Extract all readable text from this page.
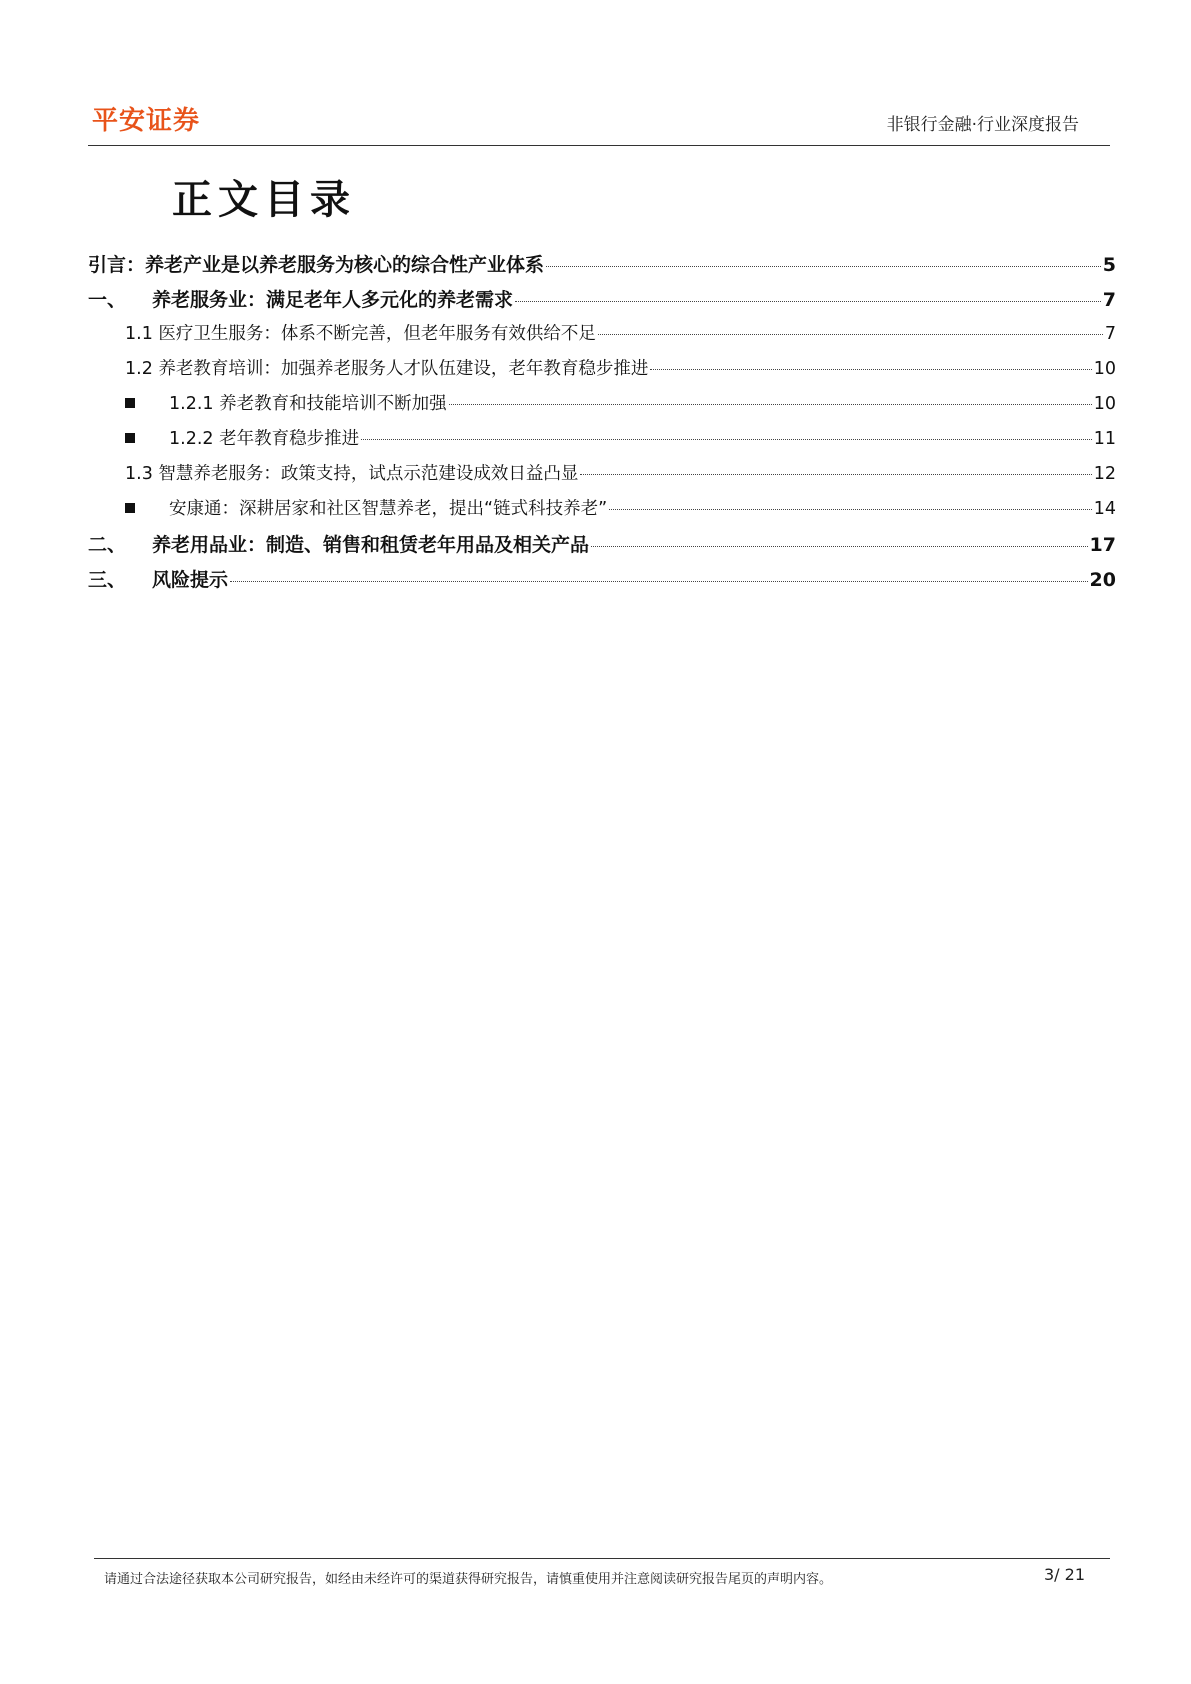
平安证券	非银行金融·行业深度报告
正文目录
引言：养老产业是以养老服务为核心的综合性产业体系	5
一、	养老服务业：满足老年人多元化的养老需求	7
1.1 医疗卫生服务：体系不断完善，但老年服务有效供给不足	7
1.2 养老教育培训：加强养老服务人才队伍建设，老年教育稳步推进	10
1.2.1 养老教育和技能培训不断加强	10
1.2.2 老年教育稳步推进	11
1.3 智慧养老服务：政策支持，试点示范建设成效日益凸显	12
安康通：深耕居家和社区智慧养老，提出“链式科技养老”	14
二、	养老用品业：制造、销售和租赁老年用品及相关产品	17
三、	风险提示	20
请通过合法途径获取本公司研究报告，如经由未经许可的渠道获得研究报告，请慎重使用并注意阅读研究报告尾页的声明内容。	3/ 21
